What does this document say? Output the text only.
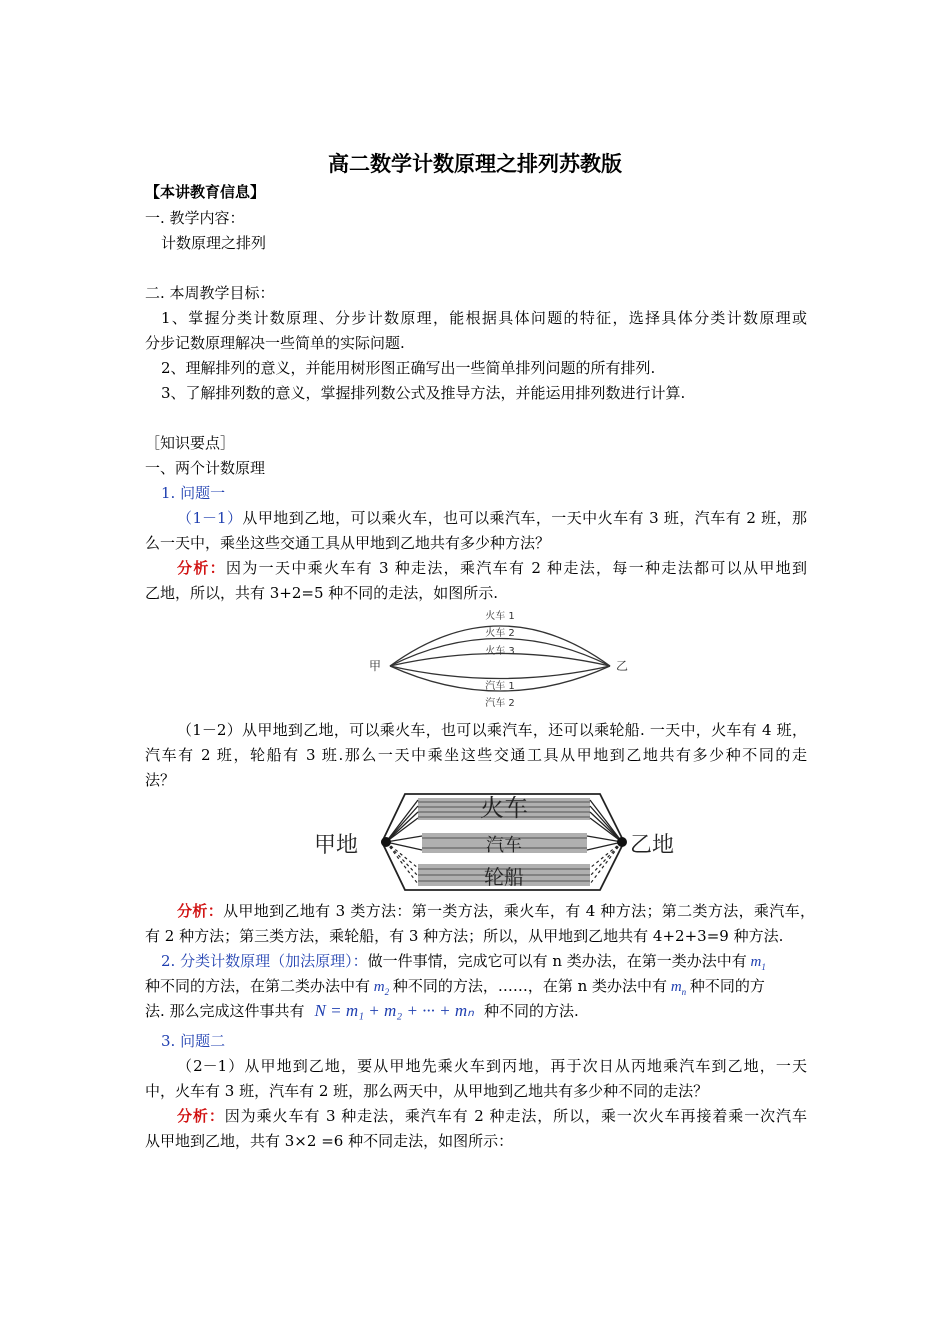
高二数学计数原理之排列苏教版
【本讲教育信息】
一. 教学内容：
计数原理之排列
二. 本周教学目标：
1、掌握分类计数原理、分步计数原理，能根据具体问题的特征，选择具体分类计数原理或
分步记数原理解决一些简单的实际问题.
2、理解排列的意义，并能用树形图正确写出一些简单排列问题的所有排列.
3、了解排列数的意义，掌握排列数公式及推导方法，并能运用排列数进行计算.
［知识要点］
一、两个计数原理
1. 问题一
（1－1）从甲地到乙地，可以乘火车，也可以乘汽车，一天中火车有 3 班，汽车有 2 班，那
么一天中，乘坐这些交通工具从甲地到乙地共有多少种方法？
分析：因为一天中乘火车有 3 种走法，乘汽车有 2 种走法，每一种走法都可以从甲地到
乙地，所以，共有 3+2=5 种不同的走法，如图所示.
甲	乙
火车 1
火车 2
火车 3
汽车 1
汽车 2
（1－2）从甲地到乙地，可以乘火车，也可以乘汽车，还可以乘轮船. 一天中，火车有 4 班，
汽车有 2 班，轮船有 3 班.那么一天中乘坐这些交通工具从甲地到乙地共有多少种不同的走
法？
甲地	乙地
火车
汽车
轮船
分析：从甲地到乙地有 3 类方法：第一类方法，乘火车，有 4 种方法；第二类方法，乘汽车，
有 2 种方法；第三类方法，乘轮船，有 3 种方法；所以，从甲地到乙地共有 4+2+3=9 种方法.
2. 分类计数原理（加法原理）：做一件事情，完成它可以有 n 类办法，在第一类办法中有 $m_1$
种不同的方法，在第二类办法中有 $m_2$ 种不同的方法，……，在第 n 类办法中有 $m_n$ 种不同的方
法. 那么完成这件事共有 N = m₁ + m₂ + ··· + mₙ 种不同的方法.
3. 问题二
（2－1）从甲地到乙地，要从甲地先乘火车到丙地，再于次日从丙地乘汽车到乙地，一天
中，火车有 3 班，汽车有 2 班，那么两天中，从甲地到乙地共有多少种不同的走法？
分析：因为乘火车有 3 种走法，乘汽车有 2 种走法，所以，乘一次火车再接着乘一次汽车
从甲地到乙地，共有 3×2 =6 种不同走法，如图所示：
